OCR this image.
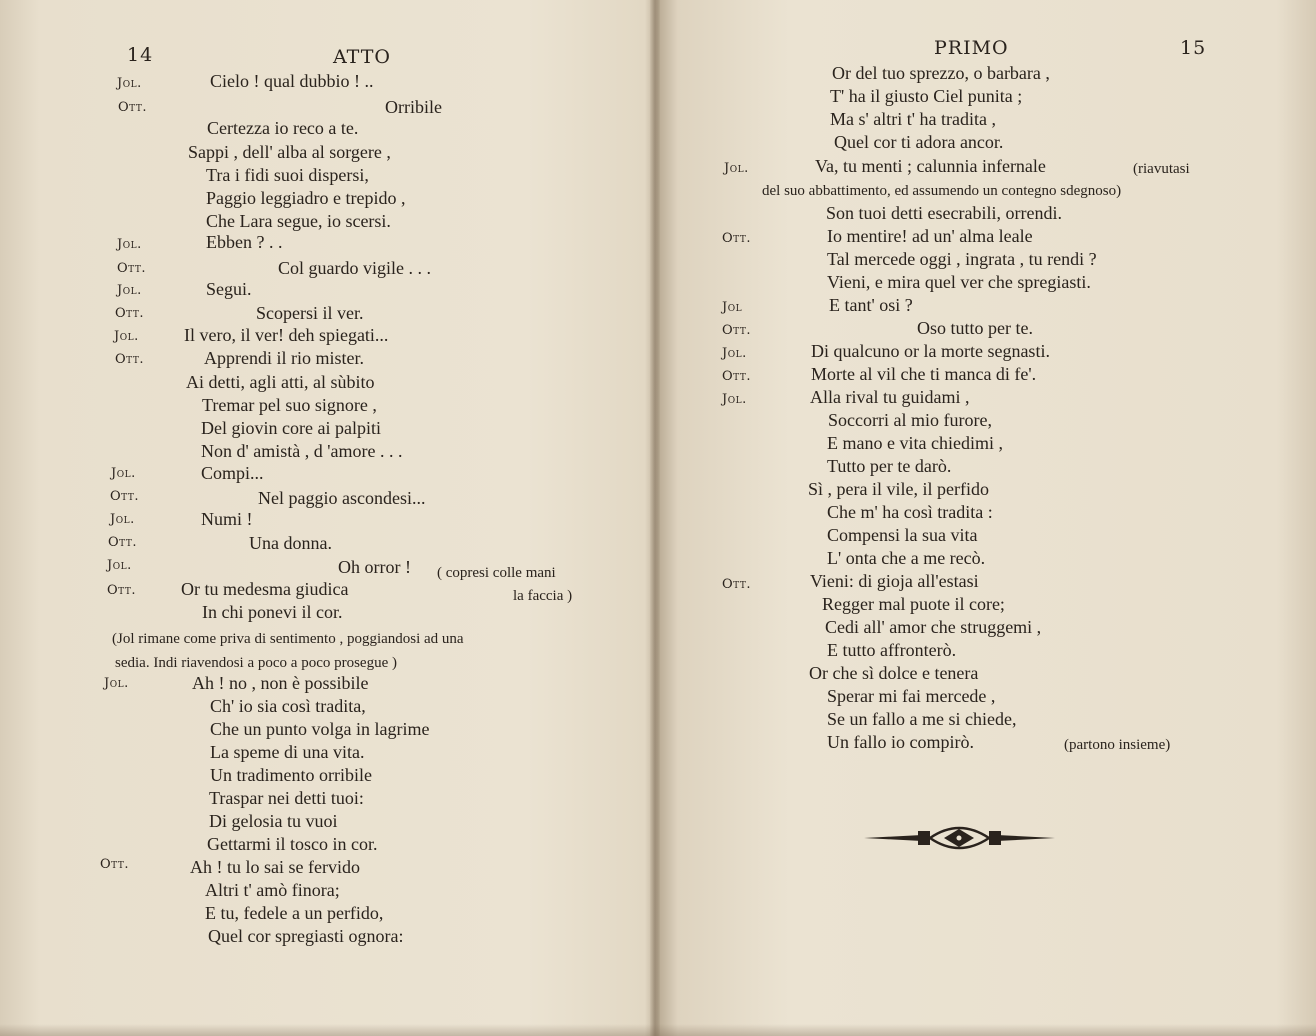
14	ATTO
Jol.	Cielo ! qual dubbio ! ..
Ott.	Orribile
Certezza io reco a te.
Sappi , dell' alba al sorgere ,
Tra i fidi suoi dispersi,
Paggio leggiadro e trepido ,
Che Lara segue, io scersi.
Jol.	Ebben ? . .
Ott.	Col guardo vigile . . .
Jol.	Segui.
Ott.	Scopersi il ver.
Jol.	Il vero, il ver! deh spiegati...
Ott.	Apprendi il rio mister.
Ai detti, agli atti, al sùbito
Tremar pel suo signore ,
Del giovin core ai palpiti
Non d' amistà , d 'amore . . .
Jol.	Compi...
Ott.	Nel paggio ascondesi...
Jol.	Numi !
Ott.	Una donna.
Jol.	Oh orror ! ( copresi colle mani
Ott.	Or tu medesma giudica	la faccia )
In chi ponevi il cor.
(Jol rimane come priva di sentimento , poggiandosi ad una
sedia. Indi riavendosi a poco a poco prosegue )
Jol.	Ah ! no , non è possibile
Ch' io sia così tradita,
Che un punto volga in lagrime
La speme di una vita.
Un tradimento orribile
Traspar nei detti tuoi:
Di gelosia tu vuoi
Gettarmi il tosco in cor.
Ott.	Ah ! tu lo sai se fervido
Altri t' amò finora;
E tu, fedele a un perfido,
Quel cor spregiasti ognora:
PRIMO	15
Or del tuo sprezzo, o barbara ,
T' ha il giusto Ciel punita ;
Ma s' altri t' ha tradita ,
Quel cor ti adora ancor.
Jol.	Va, tu menti ; calunnia infernale	(riavutasi
del suo abbattimento, ed assumendo un contegno sdegnoso)
Son tuoi detti esecrabili, orrendi.
Ott.	Io mentire! ad un' alma leale
Tal mercede oggi , ingrata , tu rendi ?
Vieni, e mira quel ver che spregiasti.
Jol	E tant' osi ?
Ott.	Oso tutto per te.
Jol.	Di qualcuno or la morte segnasti.
Ott.	Morte al vil che ti manca di fe'.
Jol.	Alla rival tu guidami ,
Soccorri al mio furore,
E mano e vita chiedimi ,
Tutto per te darò.
Sì , pera il vile, il perfido
Che m' ha così tradita :
Compensi la sua vita
L' onta che a me recò.
Ott.	Vieni: di gioja all'estasi
Regger mal puote il core;
Cedi all' amor che struggemi ,
E tutto affronterò.
Or che sì dolce e tenera
Sperar mi fai mercede ,
Se un fallo a me si chiede,
Un fallo io compirò.	(partono insieme)
